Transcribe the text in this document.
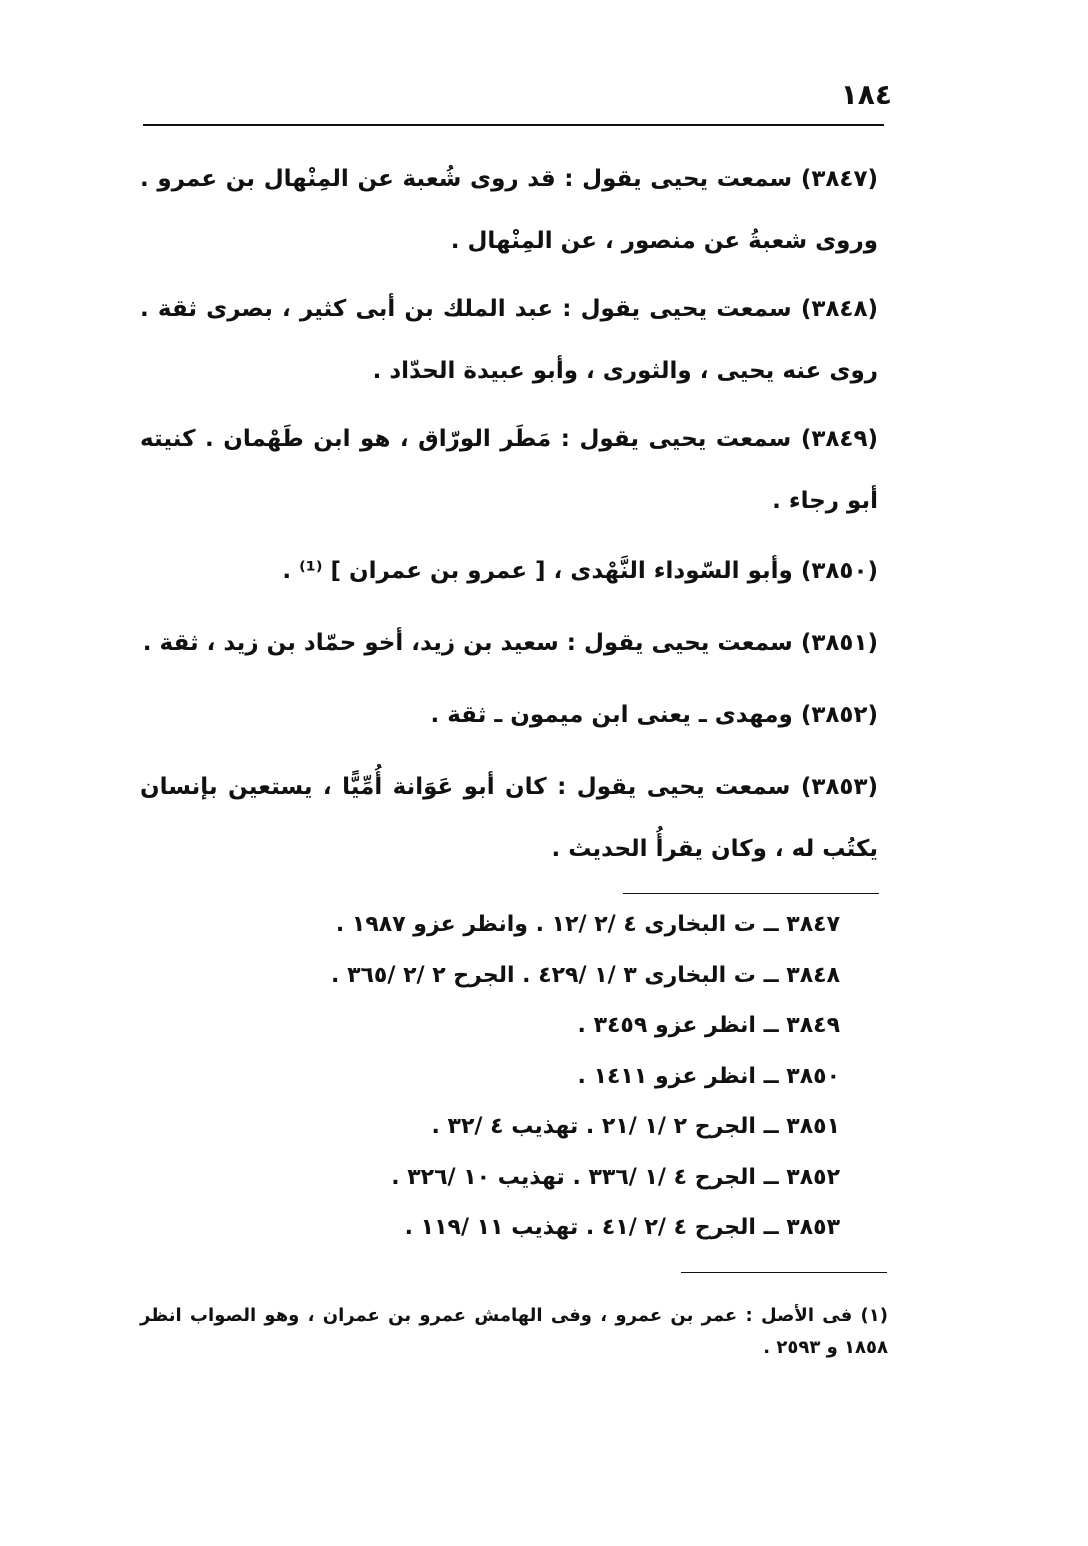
١٨٤

(٣٨٤٧) سمعت يحيى يقول : قد روى شُعبة عن المِنْهال بن عمرو . وروى شعبةُ عن منصور ، عن المِنْهال .

(٣٨٤٨) سمعت يحيى يقول : عبد الملك بن أبى كثير ، بصرى ثقة . روى عنه يحيى ، والثورى ، وأبو عبيدة الحدّاد .

(٣٨٤٩) سمعت يحيى يقول : مَطَر الورّاق ، هو ابن طَهْمان . كنيته أبو رجاء .

(٣٨٥٠) وأبو السّوداء النَّهْدى ، [ عمرو بن عمران ] ⁽¹⁾ .

(٣٨٥١) سمعت يحيى يقول : سعيد بن زيد، أخو حمّاد بن زيد ، ثقة .

(٣٨٥٢) ومهدى ـ يعنى ابن ميمون ـ ثقة .

(٣٨٥٣) سمعت يحيى يقول : كان أبو عَوَانة أُمِّيًّا ، يستعين بإنسان يكتُب له ، وكان يقرأُ الحديث .

٣٨٤٧ ــ ت البخارى ٤ /٢ /١٢ . وانظر عزو ١٩٨٧ .
٣٨٤٨ ــ ت البخارى ٣ /١ /٤٢٩ . الجرح ٢ /٢ /٣٦٥ .
٣٨٤٩ ــ انظر عزو ٣٤٥٩ .
٣٨٥٠ ــ انظر عزو ١٤١١ .
٣٨٥١ ــ الجرح ٢ /١ /٢١ . تهذيب ٤ /٣٢ .
٣٨٥٢ ــ الجرح ٤ /١ /٣٣٦ . تهذيب ١٠ /٣٢٦ .
٣٨٥٣ ــ الجرح ٤ /٢ /٤١ . تهذيب ١١ /١١٩ .

(١) فى الأصل : عمر بن عمرو ، وفى الهامش عمرو بن عمران ، وهو الصواب انظر ١٨٥٨ و ٢٥٩٣ .
